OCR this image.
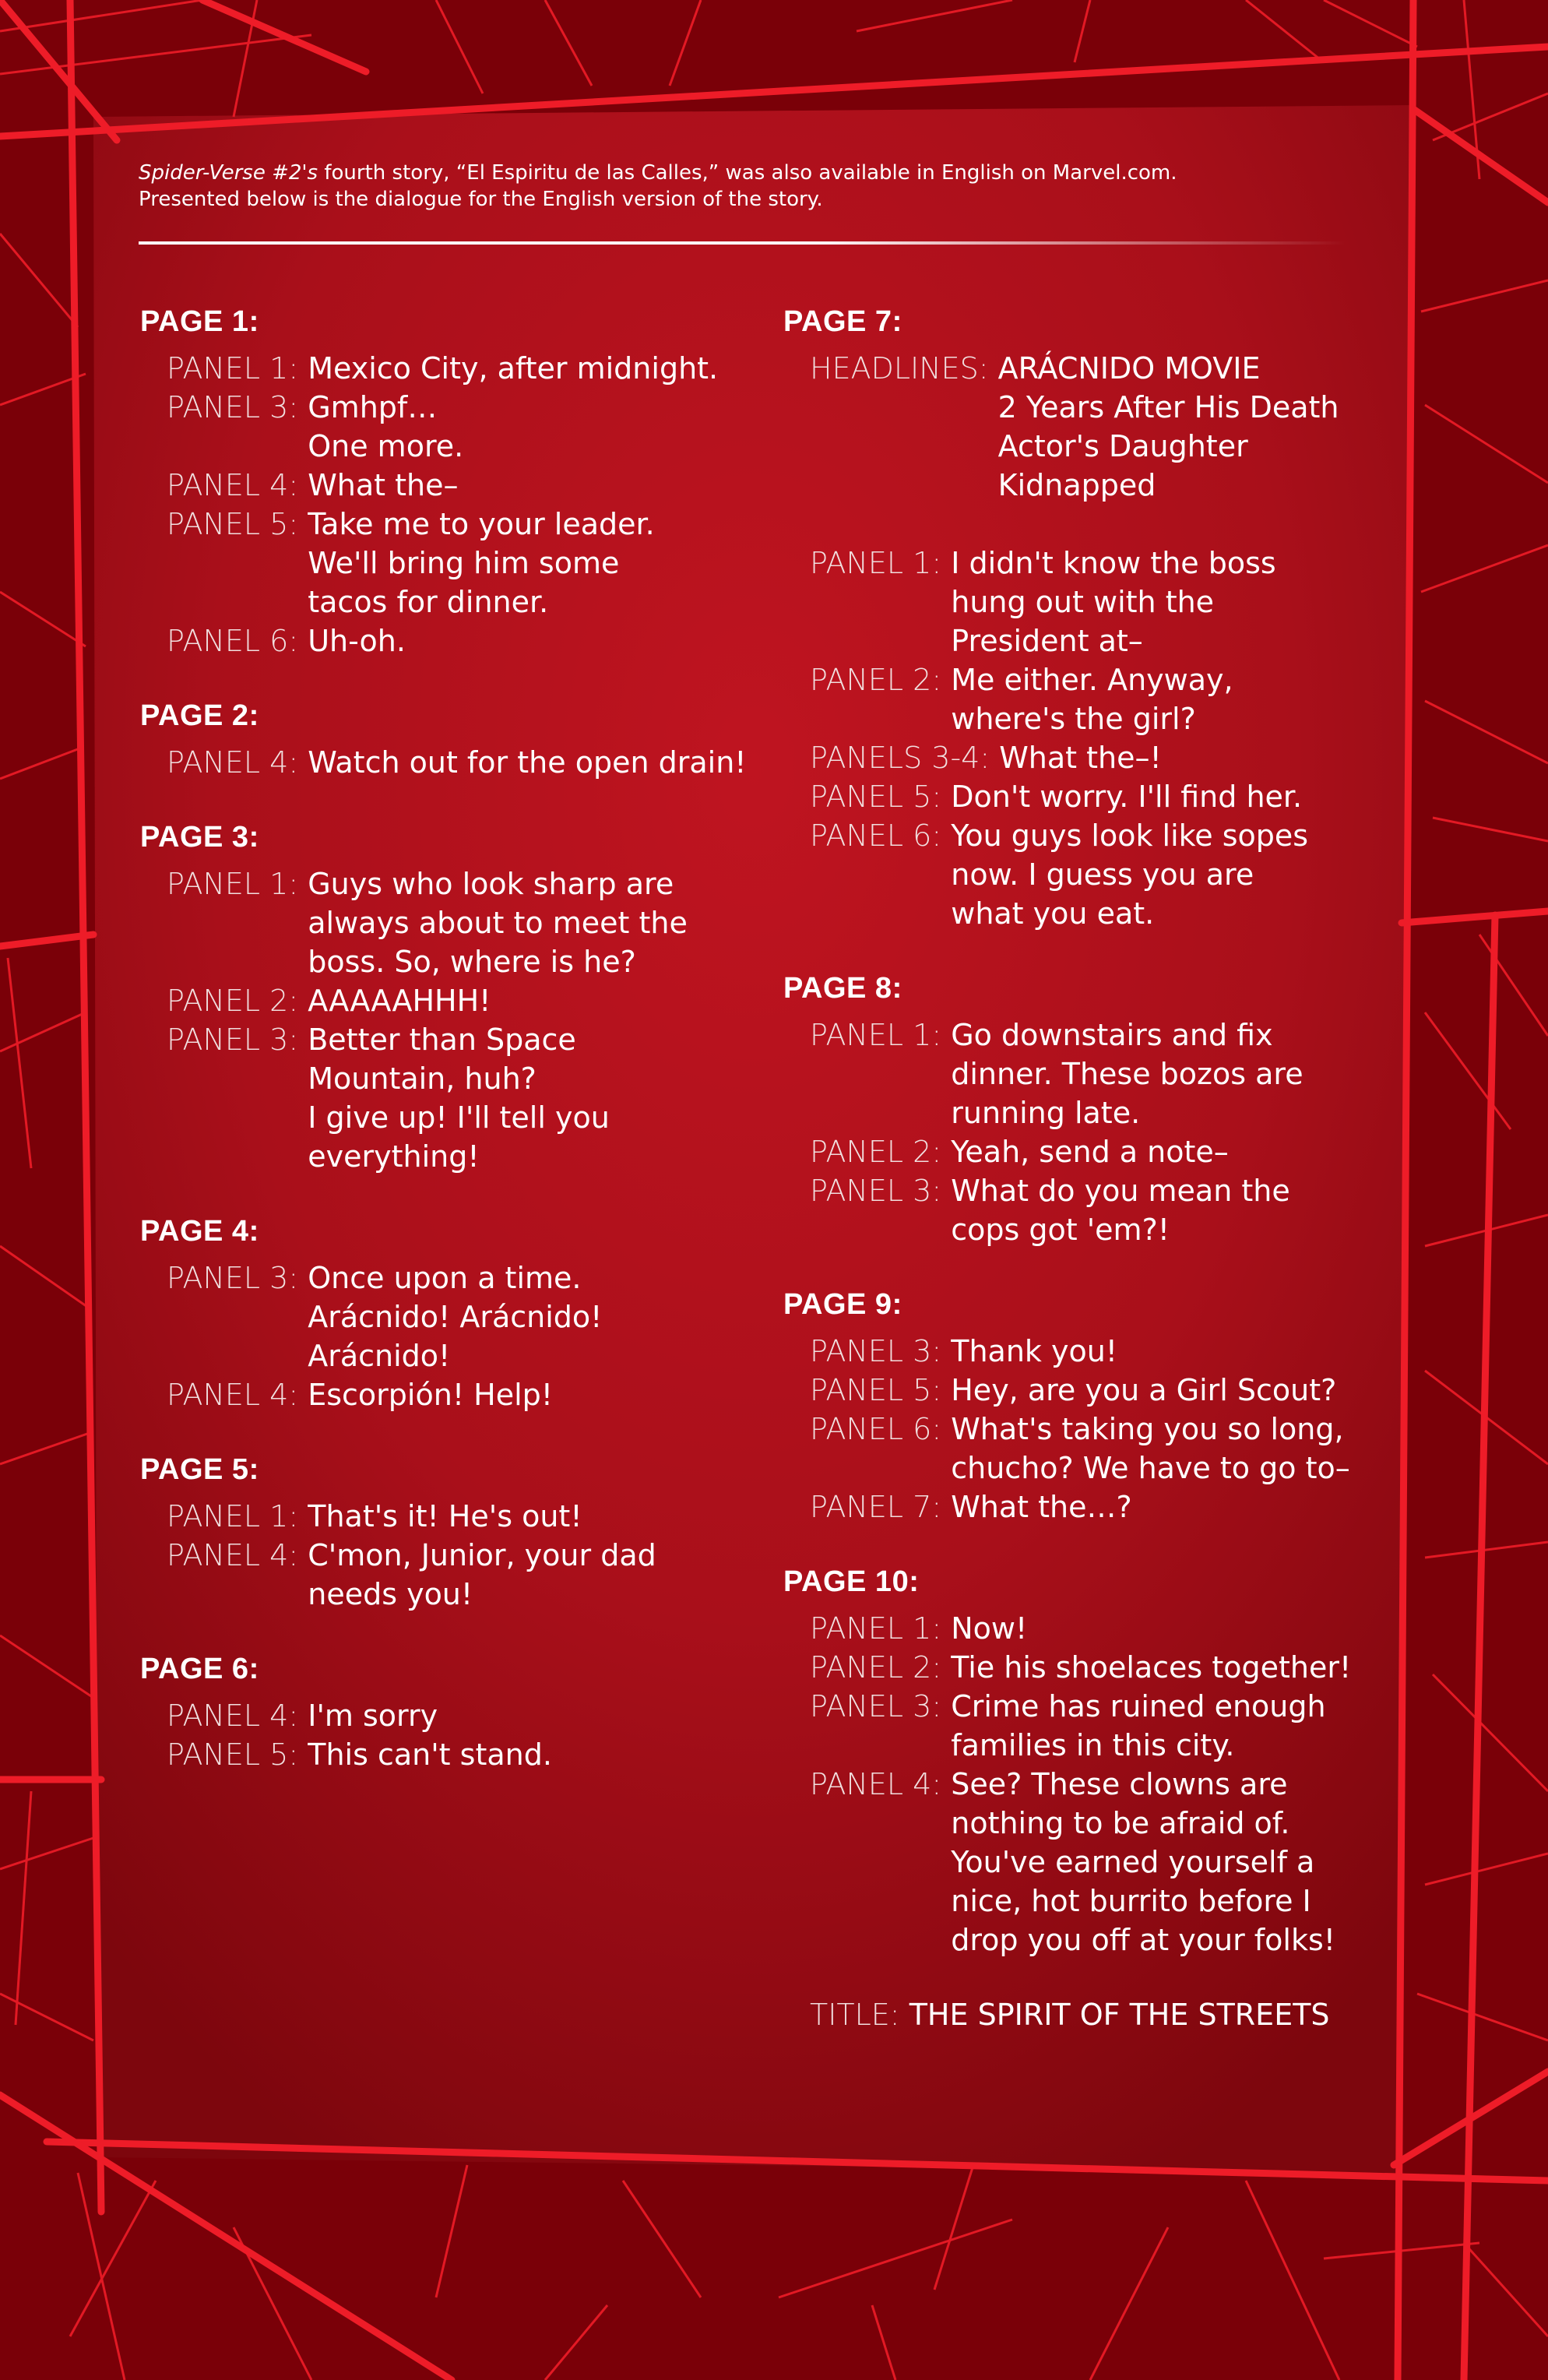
Spider-Verse #2's fourth story, “El Espiritu de las Calles,” was also available in English on Marvel.com.
Presented below is the dialogue for the English version of the story.
PAGE 1:
PANEL 1: Mexico City, after midnight.
PANEL 3: Gmhpf…
One more.
PANEL 4: What the–
PANEL 5: Take me to your leader.
We'll bring him some
tacos for dinner.
PANEL 6: Uh-oh.
PAGE 2:
PANEL 4: Watch out for the open drain!
PAGE 3:
PANEL 1: Guys who look sharp are
always about to meet the
boss. So, where is he?
PANEL 2: AAAAAHHH!
PANEL 3: Better than Space
Mountain, huh?
I give up! I'll tell you
everything!
PAGE 4:
PANEL 3: Once upon a time.
Arácnido! Arácnido!
Arácnido!
PANEL 4: Escorpión! Help!
PAGE 5:
PANEL 1: That's it! He's out!
PANEL 4: C'mon, Junior, your dad
needs you!
PAGE 6:
PANEL 4: I'm sorry
PANEL 5: This can't stand.
PAGE 7:
HEADLINES: ARÁCNIDO MOVIE
2 Years After His Death
Actor's Daughter
Kidnapped
PANEL 1: I didn't know the boss
hung out with the
President at–
PANEL 2: Me either. Anyway,
where's the girl?
PANELS 3-4: What the–!
PANEL 5: Don't worry. I'll find her.
PANEL 6: You guys look like sopes
now. I guess you are
what you eat.
PAGE 8:
PANEL 1: Go downstairs and fix
dinner. These bozos are
running late.
PANEL 2: Yeah, send a note–
PANEL 3: What do you mean the
cops got 'em?!
PAGE 9:
PANEL 3: Thank you!
PANEL 5: Hey, are you a Girl Scout?
PANEL 6: What's taking you so long,
chucho? We have to go to–
PANEL 7: What the…?
PAGE 10:
PANEL 1: Now!
PANEL 2: Tie his shoelaces together!
PANEL 3: Crime has ruined enough
families in this city.
PANEL 4: See? These clowns are
nothing to be afraid of.
You've earned yourself a
nice, hot burrito before I
drop you off at your folks!
TITLE: THE SPIRIT OF THE STREETS
